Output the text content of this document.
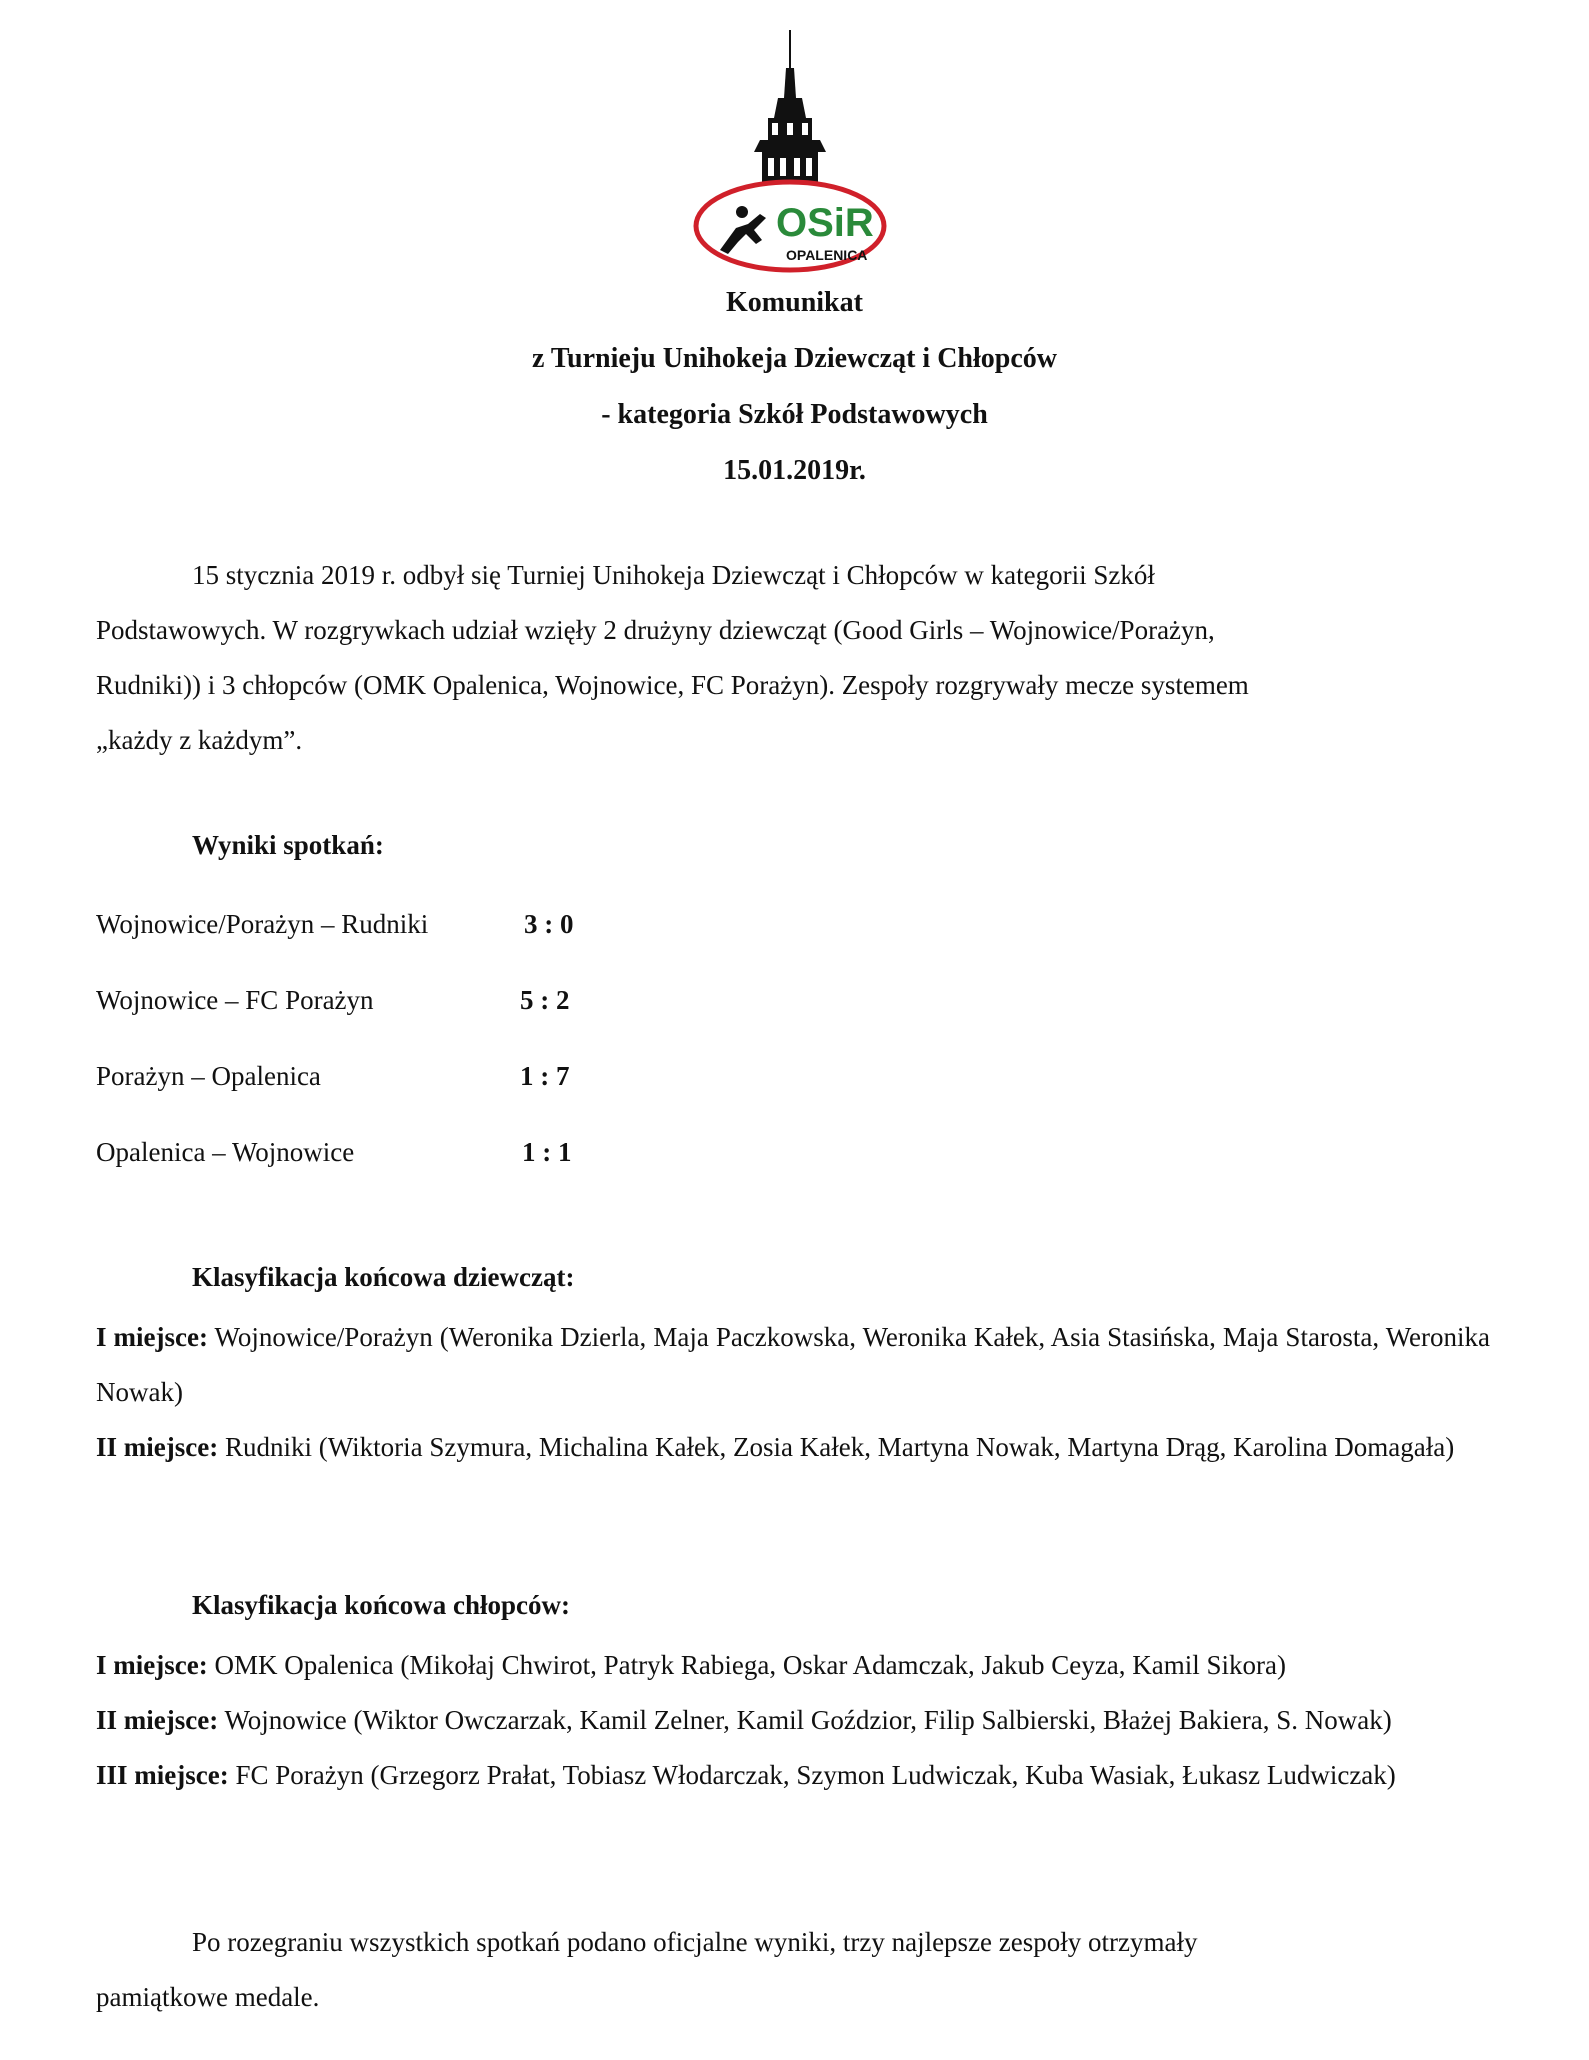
OSiR
OPALENICA
Komunikat
z Turnieju Unihokeja Dziewcząt i Chłopców
- kategoria Szkół Podstawowych
15.01.2019r.
15 stycznia 2019 r. odbył się Turniej Unihokeja Dziewcząt i Chłopców w kategorii Szkół
Podstawowych. W rozgrywkach udział wzięły 2 drużyny dziewcząt (Good Girls – Wojnowice/Porażyn,
Rudniki)) i 3 chłopców (OMK Opalenica, Wojnowice, FC Porażyn). Zespoły rozgrywały mecze systemem
„każdy z każdym”.
Wyniki spotkań:
Wojnowice/Porażyn – Rudniki	3 : 0
Wojnowice – FC Porażyn	5 : 2
Porażyn – Opalenica	1 : 7
Opalenica – Wojnowice	1 : 1
Klasyfikacja końcowa dziewcząt:

I miejsce: Wojnowice/Porażyn (Weronika Dzierla, Maja Paczkowska, Weronika Kałek, Asia Stasińska, Maja Starosta, Weronika Nowak)

II miejsce: Rudniki (Wiktoria Szymura, Michalina Kałek, Zosia Kałek, Martyna Nowak, Martyna Drąg, Karolina Domagała)

Klasyfikacja końcowa chłopców:

I miejsce: OMK Opalenica (Mikołaj Chwirot, Patryk Rabiega, Oskar Adamczak, Jakub Ceyza, Kamil Sikora)

II miejsce: Wojnowice (Wiktor Owczarzak, Kamil Zelner, Kamil Goździor, Filip Salbierski, Błażej Bakiera, S. Nowak)

III miejsce: FC Porażyn (Grzegorz Prałat, Tobiasz Włodarczak, Szymon Ludwiczak, Kuba Wasiak, Łukasz Ludwiczak)

Po rozegraniu wszystkich spotkań podano oficjalne wyniki, trzy najlepsze zespoły otrzymały
pamiątkowe medale.
